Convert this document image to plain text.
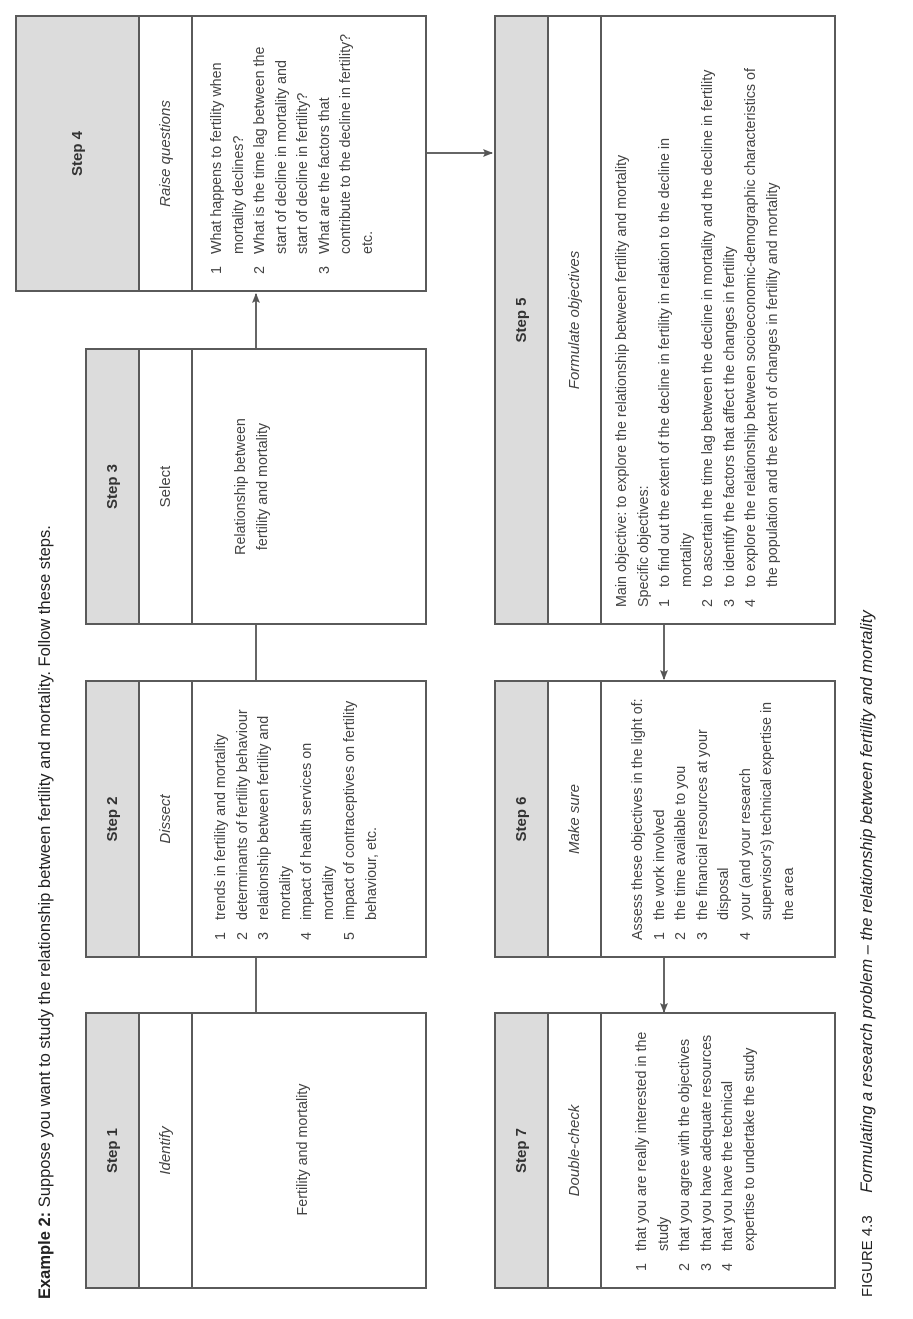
Example 2: Suppose you want to study the relationship between fertility and mortality. Follow these steps.	Step 1	Identify	Fertility and mortality
Step 2	Dissect
1
trends in fertility and mortality
2
determinants of fertility behaviour
3
relationship between fertility and mortality
4
impact of health services on mortality
5
impact of contraceptives on fertility behaviour, etc.
Step 3	Select	Relationship between fertility and mortality
Step 4	Raise questions
1
What happens to fertility when mortality declines?
2
What is the time lag between the start of decline in mortality and start of decline in fertility?
3
What are the factors that contribute to the decline in fertility? etc.
Step 7	Double-check
1
that you are really interested in the study
2
that you agree with the objectives
3
that you have adequate resources
4
that you have the technical expertise to undertake the study
Step 6	Make sure	Assess these objectives in the light of: 1
the work involved
2
the time available to you
3
the financial resources at your disposal
4
your (and your research supervisor's) technical expertise in the area
Step 5	Formulate objectives	Main objective: to explore the relationship between fertility and mortality Specific objectives: 1
to find out the extent of the decline in fertility in relation to the decline in mortality
2
to ascertain the time lag between the decline in mortality and the decline in fertility
3
to identify the factors that affect the changes in fertility
4
to explore the relationship between socioeconomic-demographic characteristics of the population and the extent of changes in fertility and mortality
FIGURE 4.3 Formulating a research problem – the relationship between fertility and mortality
